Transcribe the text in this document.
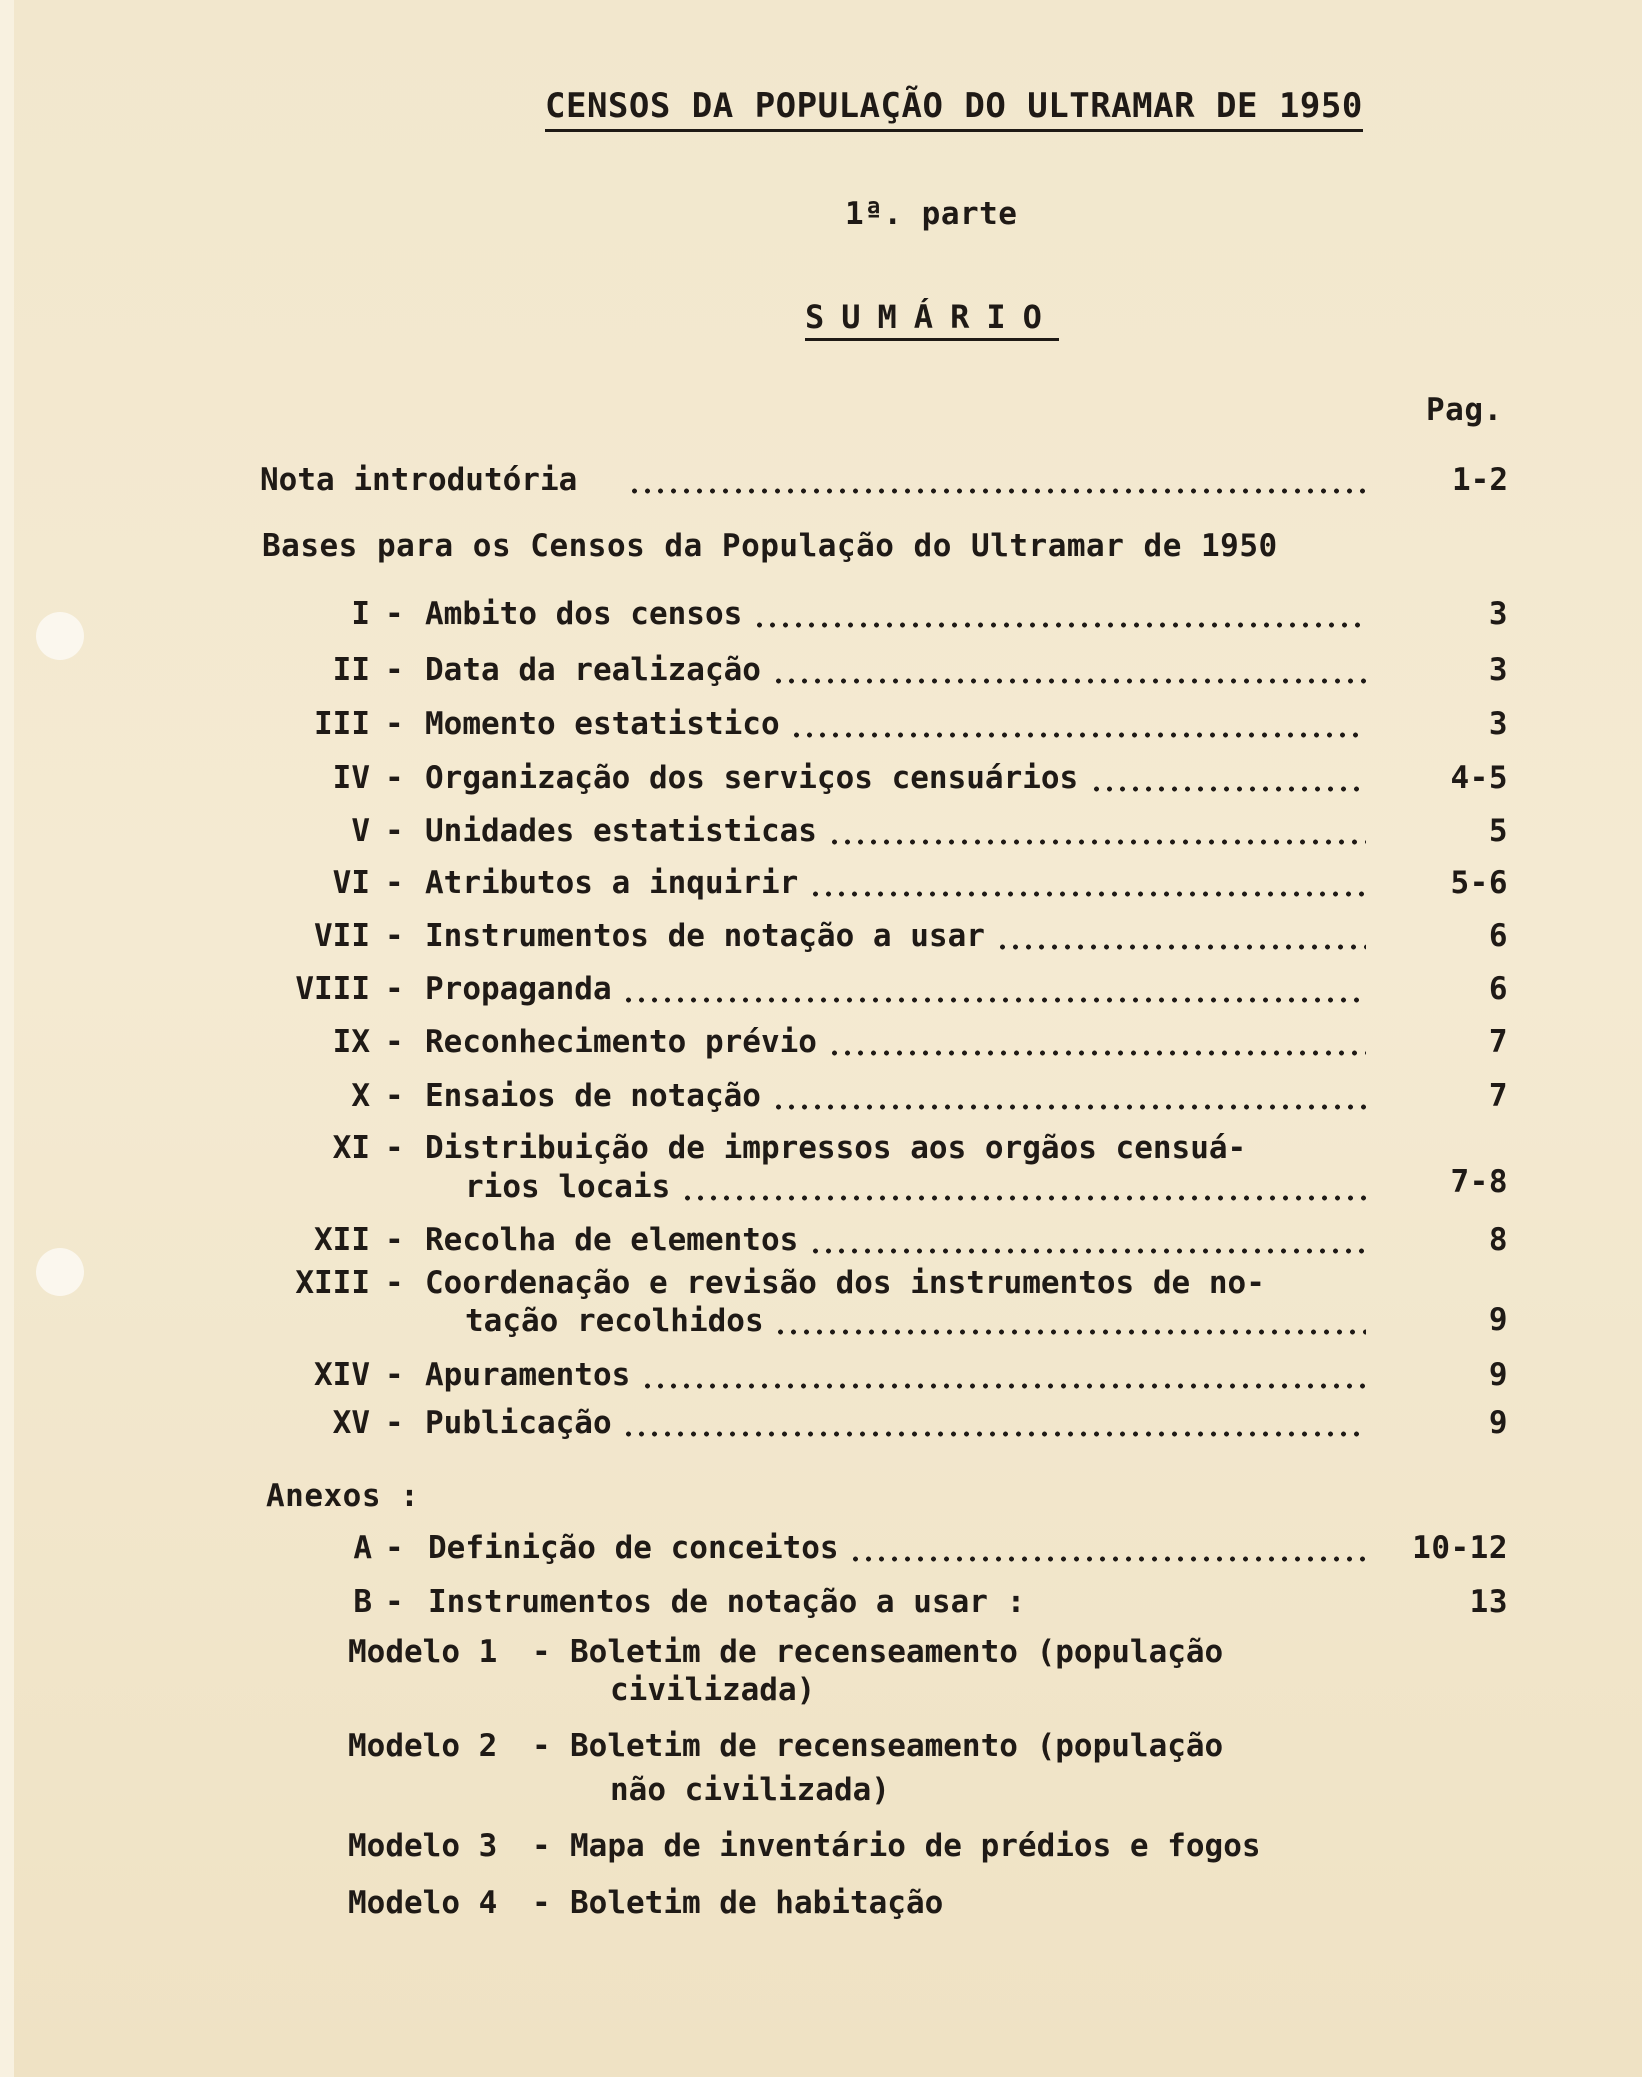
CENSOS DA POPULAÇÃO DO ULTRAMAR DE 1950
1ª. parte
SUMÁRIO
Pag.
Nota introdutória	1-2
Bases para os Censos da População do Ultramar de 1950
I - Ambito dos censos	3
II - Data da realização	3
III - Momento estatistico	3
IV - Organização dos serviços censuários	4-5
V - Unidades estatisticas	5
VI - Atributos a inquirir	5-6
VII - Instrumentos de notação a usar	6
VIII - Propaganda	6
IX - Reconhecimento prévio	7
X - Ensaios de notação	7
XI - Distribuição de impressos aos orgãos censuá-
rios locais	7-8
XII - Recolha de elementos	8
XIII - Coordenação e revisão dos instrumentos de no-
tação recolhidos	9
XIV - Apuramentos	9
XV - Publicação	9
Anexos :
A - Definição de conceitos	10-12
B - Instrumentos de notação a usar :	13
Modelo 1 - Boletim de recenseamento (população
civilizada)
Modelo 2 - Boletim de recenseamento (população
não civilizada)
Modelo 3 - Mapa de inventário de prédios e fogos
Modelo 4 - Boletim de habitação
